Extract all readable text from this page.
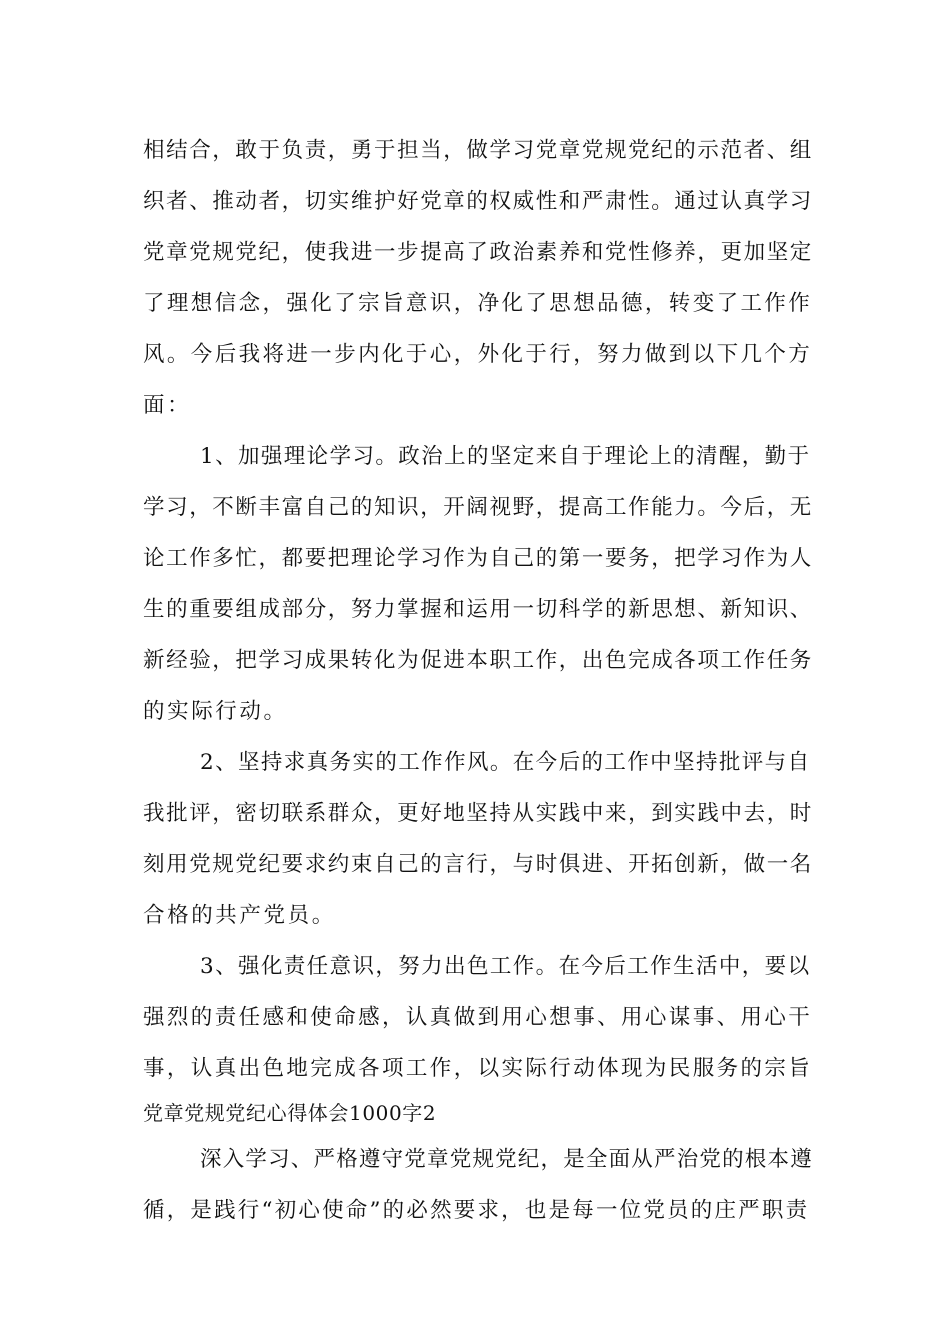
相结合，敢于负责，勇于担当，做学习党章党规党纪的示范者、组
织者、推动者，切实维护好党章的权威性和严肃性。通过认真学习
党章党规党纪，使我进一步提高了政治素养和党性修养，更加坚定
了理想信念，强化了宗旨意识，净化了思想品德，转变了工作作
风。今后我将进一步内化于心，外化于行，努力做到以下几个方
面：
1、加强理论学习。政治上的坚定来自于理论上的清醒，勤于
学习，不断丰富自己的知识，开阔视野，提高工作能力。今后，无
论工作多忙，都要把理论学习作为自己的第一要务，把学习作为人
生的重要组成部分，努力掌握和运用一切科学的新思想、新知识、
新经验，把学习成果转化为促进本职工作，出色完成各项工作任务
的实际行动。
2、坚持求真务实的工作作风。在今后的工作中坚持批评与自
我批评，密切联系群众，更好地坚持从实践中来，到实践中去，时
刻用党规党纪要求约束自己的言行，与时俱进、开拓创新，做一名
合格的共产党员。
3、强化责任意识，努力出色工作。在今后工作生活中，要以
强烈的责任感和使命感，认真做到用心想事、用心谋事、用心干
事，认真出色地完成各项工作，以实际行动体现为民服务的宗旨
党章党规党纪心得体会1000字2
深入学习、严格遵守党章党规党纪，是全面从严治党的根本遵
循，是践行“初心使命”的必然要求，也是每一位党员的庄严职责
